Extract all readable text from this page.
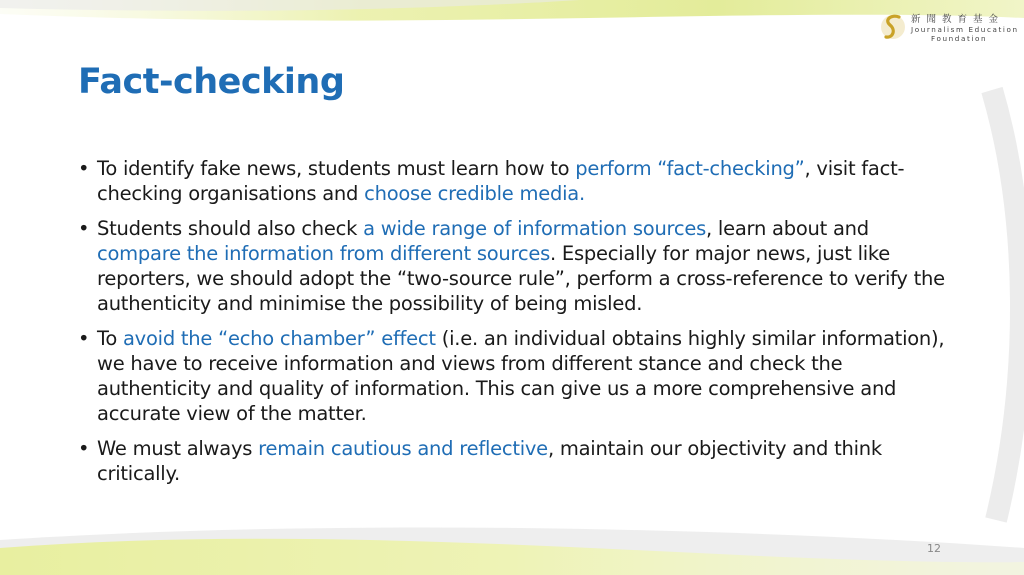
新聞教育基金
Journalism Education
Foundation
Fact-checking
• To identify fake news, students must learn how to perform “fact-checking”, visit fact-checking organisations and choose credible media.
• Students should also check a wide range of information sources, learn about and compare the information from different sources. Especially for major news, just like reporters, we should adopt the “two-source rule”, perform a cross-reference to verify the authenticity and minimise the possibility of being misled.
• To avoid the “echo chamber” effect (i.e. an individual obtains highly similar information), we have to receive information and views from different stance and check the authenticity and quality of information. This can give us a more comprehensive and accurate view of the matter.
• We must always remain cautious and reflective, maintain our objectivity and think critically.
12
